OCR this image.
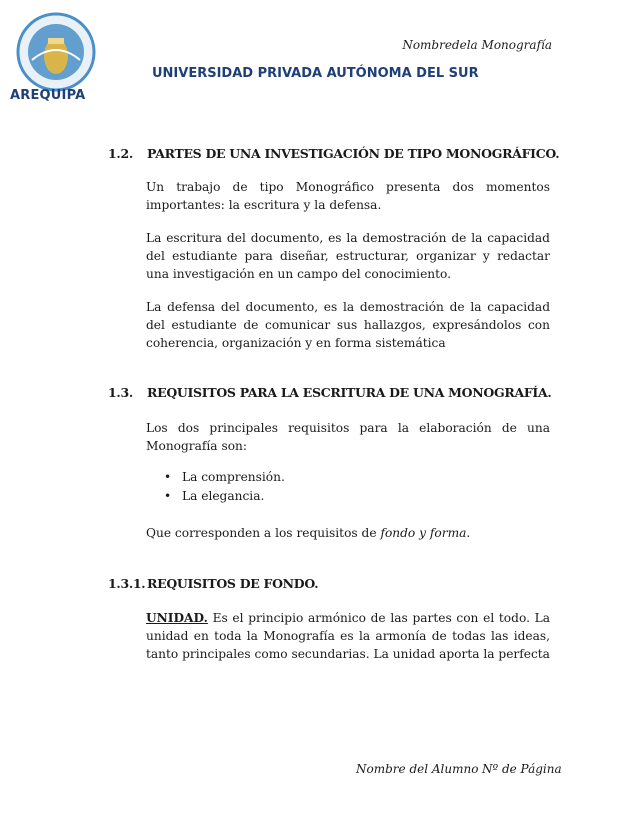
Nombredela Monografía
AREQUIPA
UNIVERSIDAD PRIVADA AUTÓNOMA DEL SUR
1.2. PARTES DE UNA INVESTIGACIÓN DE TIPO MONOGRÁFICO.
Un trabajo de tipo Monográfico presenta dos momentos importantes: la escritura y la defensa.
La escritura del documento, es la demostración de la capacidad del estudiante para diseñar, estructurar, organizar y redactar una investigación en un campo del conocimiento.
La defensa del documento, es la demostración de la capacidad del estudiante de comunicar sus hallazgos, expresándolos con coherencia, organización y en forma sistemática
1.3. REQUISITOS PARA LA ESCRITURA DE UNA MONOGRAFÍA.
Los dos principales requisitos para la elaboración de una Monografía son:
• La comprensión.
• La elegancia.
Que corresponden a los requisitos de fondo y forma.
1.3.1. REQUISITOS DE FONDO.
UNIDAD. Es el principio armónico de las partes con el todo. La unidad en toda la Monografía es la armonía de todas las ideas, tanto principales como secundarias. La unidad aporta la perfecta
Nombre del Alumno Nº de Página
